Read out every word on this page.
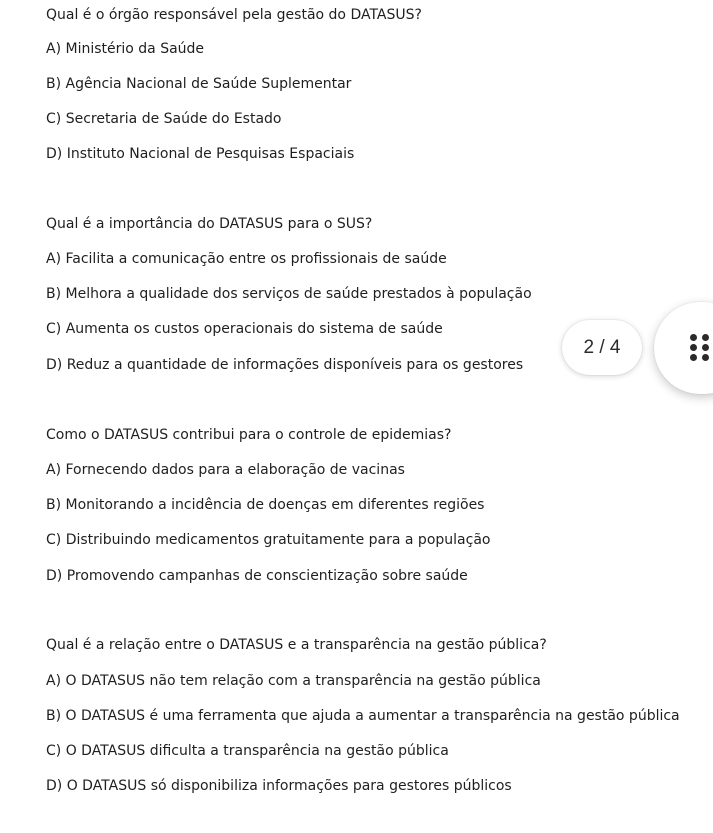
Qual é o órgão responsável pela gestão do DATASUS?
A) Ministério da Saúde
B) Agência Nacional de Saúde Suplementar
C) Secretaria de Saúde do Estado
D) Instituto Nacional de Pesquisas Espaciais
Qual é a importância do DATASUS para o SUS?
A) Facilita a comunicação entre os profissionais de saúde
B) Melhora a qualidade dos serviços de saúde prestados à população
C) Aumenta os custos operacionais do sistema de saúde
D) Reduz a quantidade de informações disponíveis para os gestores
Como o DATASUS contribui para o controle de epidemias?
A) Fornecendo dados para a elaboração de vacinas
B) Monitorando a incidência de doenças em diferentes regiões
C) Distribuindo medicamentos gratuitamente para a população
D) Promovendo campanhas de conscientização sobre saúde
Qual é a relação entre o DATASUS e a transparência na gestão pública?
A) O DATASUS não tem relação com a transparência na gestão pública
B) O DATASUS é uma ferramenta que ajuda a aumentar a transparência na gestão pública
C) O DATASUS dificulta a transparência na gestão pública
D) O DATASUS só disponibiliza informações para gestores públicos
2 / 4
